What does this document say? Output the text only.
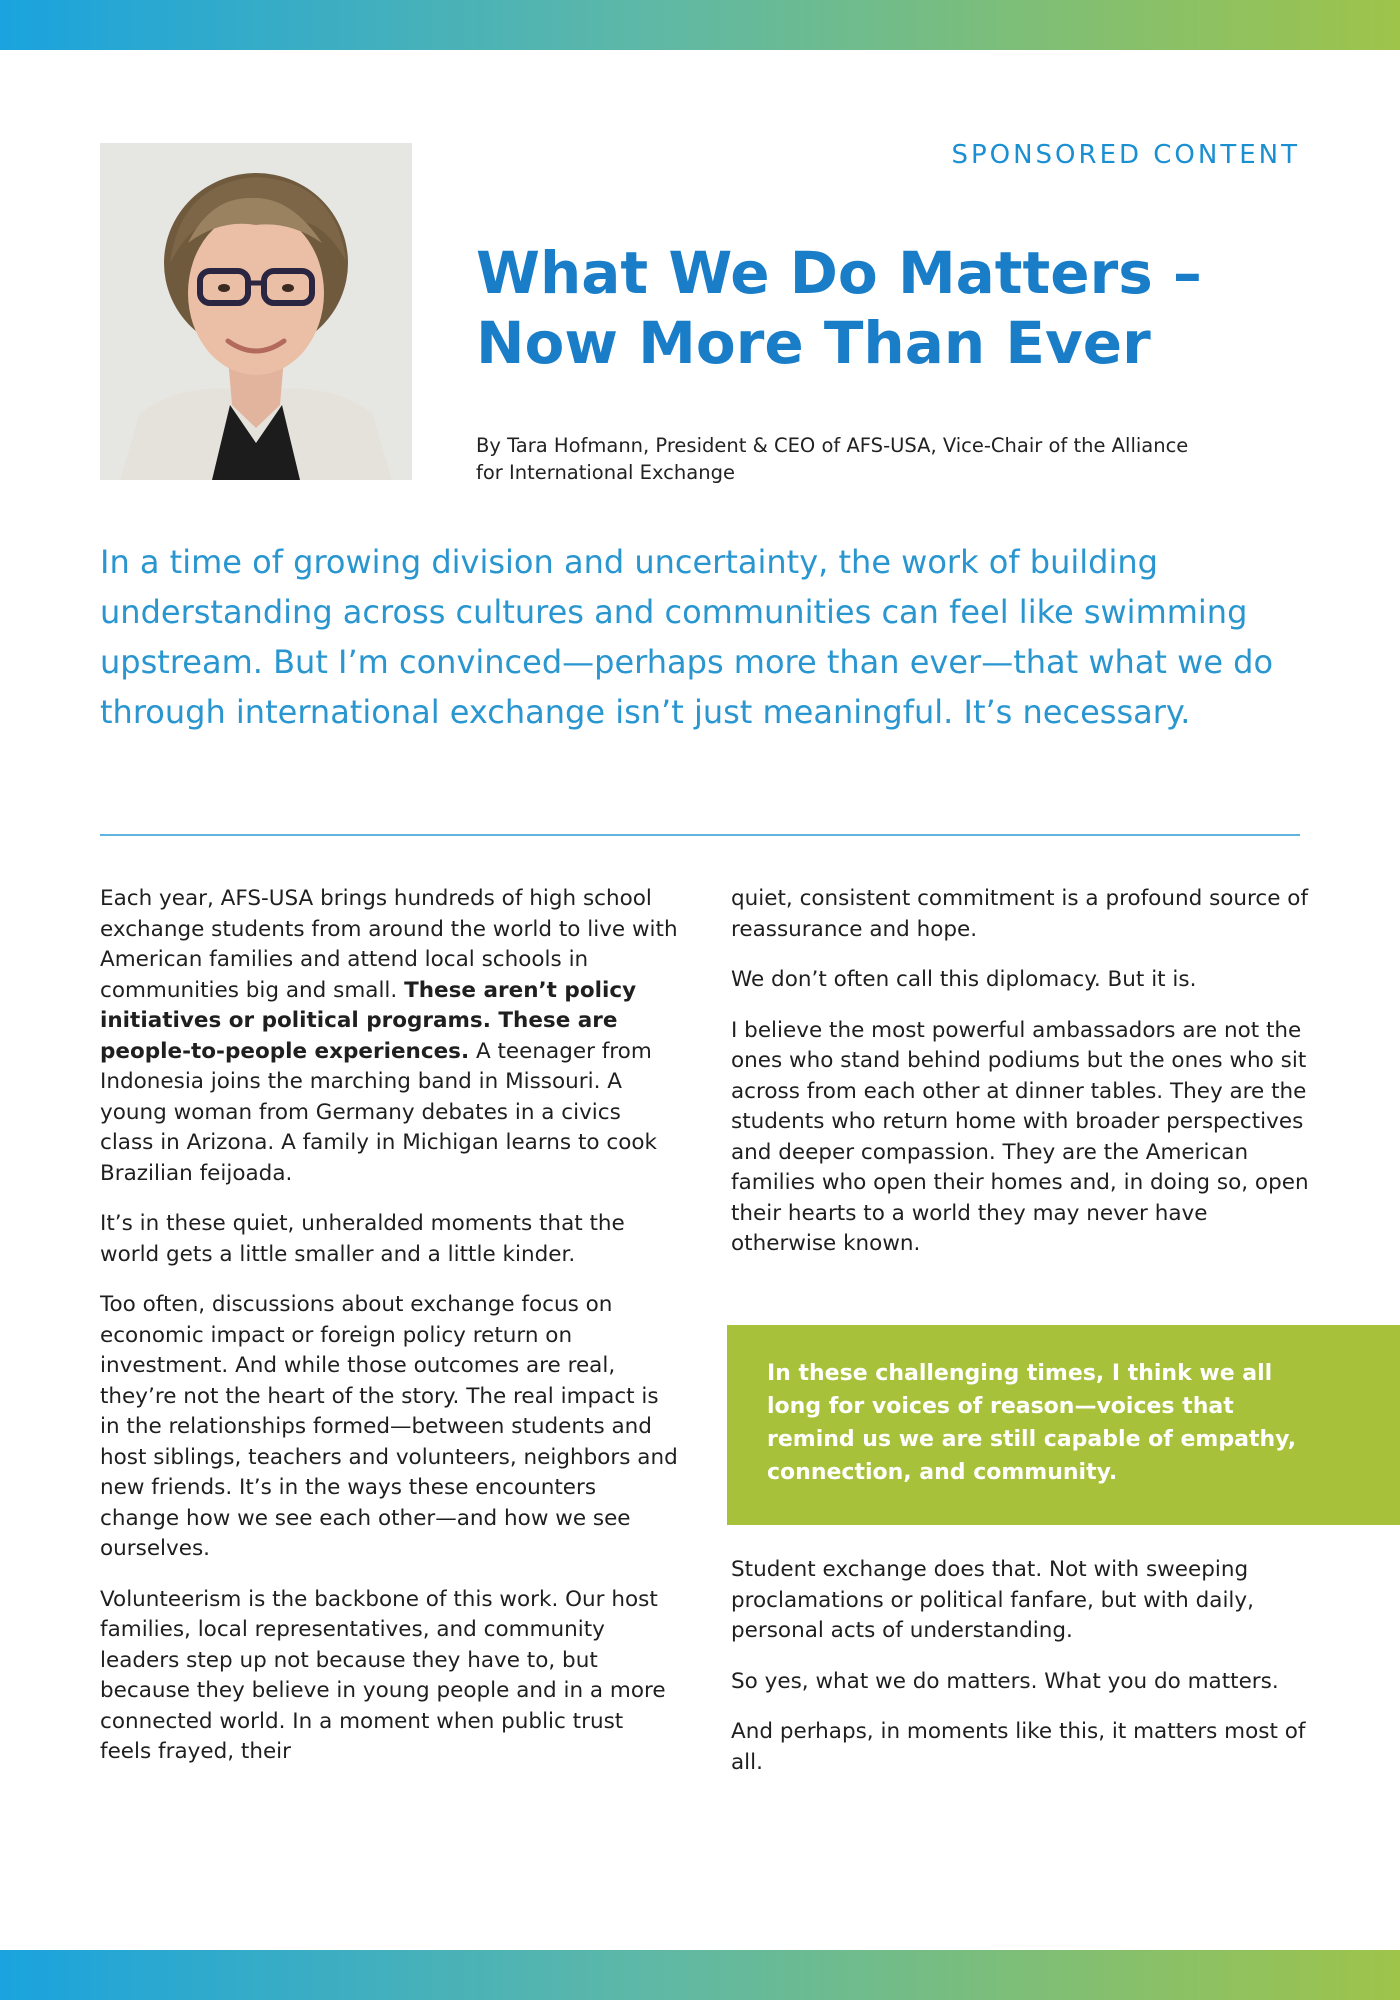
SPONSORED CONTENT
What We Do Matters –
Now More Than Ever
By Tara Hofmann, President & CEO of AFS-USA, Vice-Chair of the Alliance
for International Exchange
In a time of growing division and uncertainty, the work of building understanding across cultures and communities can feel like swimming upstream. But I’m convinced—perhaps more than ever—that what we do through international exchange isn’t just meaningful. It’s necessary.

Each year, AFS-USA brings hundreds of high school exchange students from around the world to live with American families and attend local schools in communities big and small. These aren’t policy initiatives or political programs. These are people-to-people experiences. A teenager from Indonesia joins the marching band in Missouri. A young woman from Germany debates in a civics class in Arizona. A family in Michigan learns to cook Brazilian feijoada.

It’s in these quiet, unheralded moments that the world gets a little smaller and a little kinder.

Too often, discussions about exchange focus on economic impact or foreign policy return on investment. And while those outcomes are real, they’re not the heart of the story. The real impact is in the relationships formed—between students and host siblings, teachers and volunteers, neighbors and new friends. It’s in the ways these encounters change how we see each other—and how we see ourselves.

Volunteerism is the backbone of this work. Our host families, local representatives, and community leaders step up not because they have to, but because they believe in young people and in a more connected world. In a moment when public trust feels frayed, their

quiet, consistent commitment is a profound source of reassurance and hope.

We don’t often call this diplomacy. But it is.

I believe the most powerful ambassadors are not the ones who stand behind podiums but the ones who sit across from each other at dinner tables. They are the students who return home with broader perspectives and deeper compassion. They are the American families who open their homes and, in doing so, open their hearts to a world they may never have otherwise known.

In these challenging times, I think we all long for voices of reason—voices that remind us we are still capable of empathy, connection, and community.

Student exchange does that. Not with sweeping proclamations or political fanfare, but with daily, personal acts of understanding.

So yes, what we do matters. What you do matters.

And perhaps, in moments like this, it matters most of all.
